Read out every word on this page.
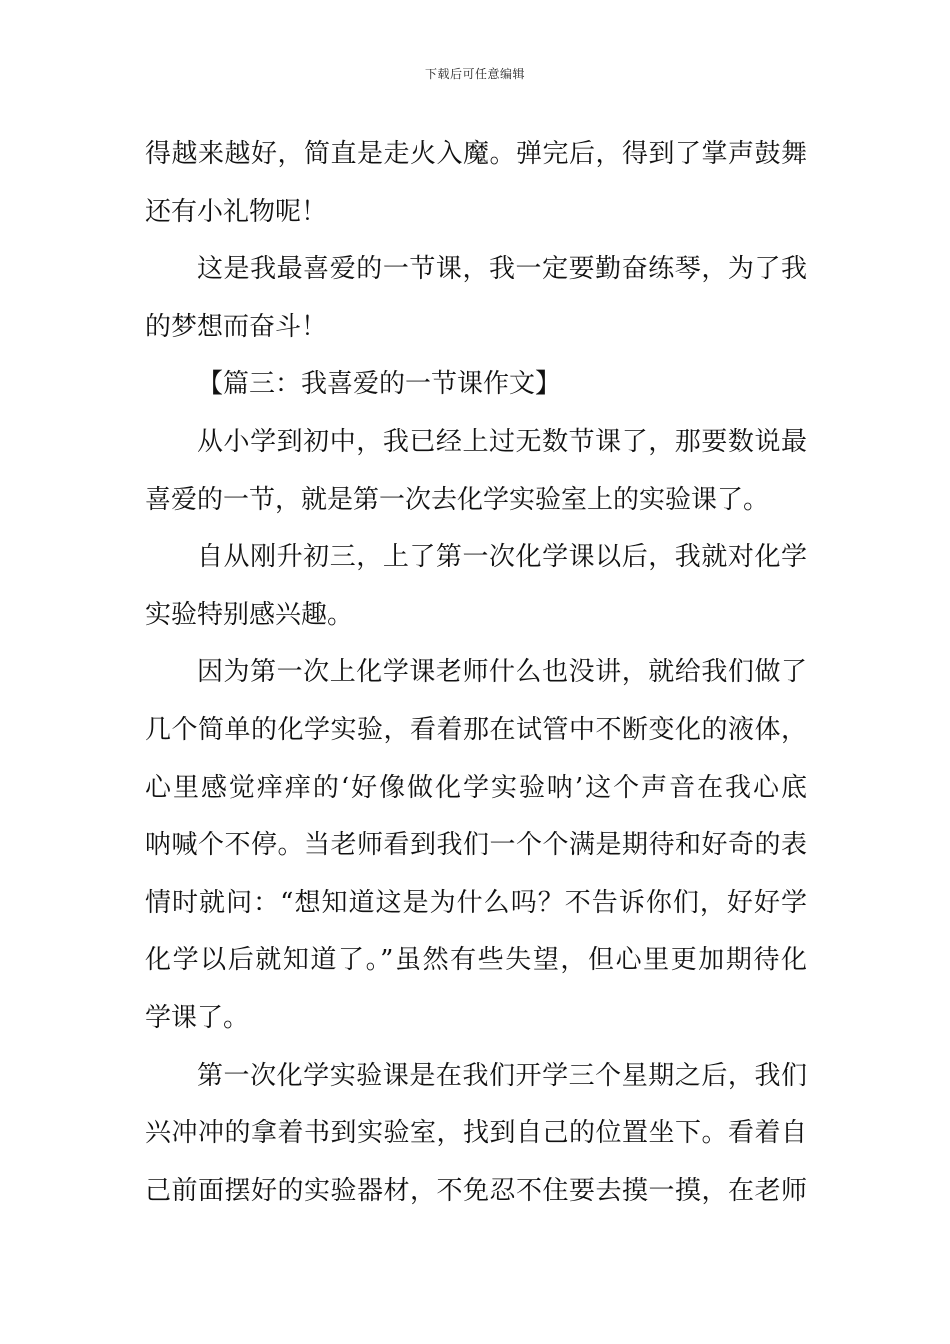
下载后可任意编辑
得越来越好，简直是走火入魔。弹完后，得到了掌声鼓舞
还有小礼物呢！
这是我最喜爱的一节课，我一定要勤奋练琴，为了我
的梦想而奋斗！
【篇三：我喜爱的一节课作文】
从小学到初中，我已经上过无数节课了，那要数说最
喜爱的一节，就是第一次去化学实验室上的实验课了。
自从刚升初三，上了第一次化学课以后，我就对化学
实验特别感兴趣。
因为第一次上化学课老师什么也没讲，就给我们做了
几个简单的化学实验，看着那在试管中不断变化的液体，
心里感觉痒痒的‘好像做化学实验呐’这个声音在我心底
呐喊个不停。当老师看到我们一个个满是期待和好奇的表
情时就问：“想知道这是为什么吗？不告诉你们，好好学
化学以后就知道了。”虽然有些失望，但心里更加期待化
学课了。
第一次化学实验课是在我们开学三个星期之后，我们
兴冲冲的拿着书到实验室，找到自己的位置坐下。看着自
己前面摆好的实验器材，不免忍不住要去摸一摸，在老师
